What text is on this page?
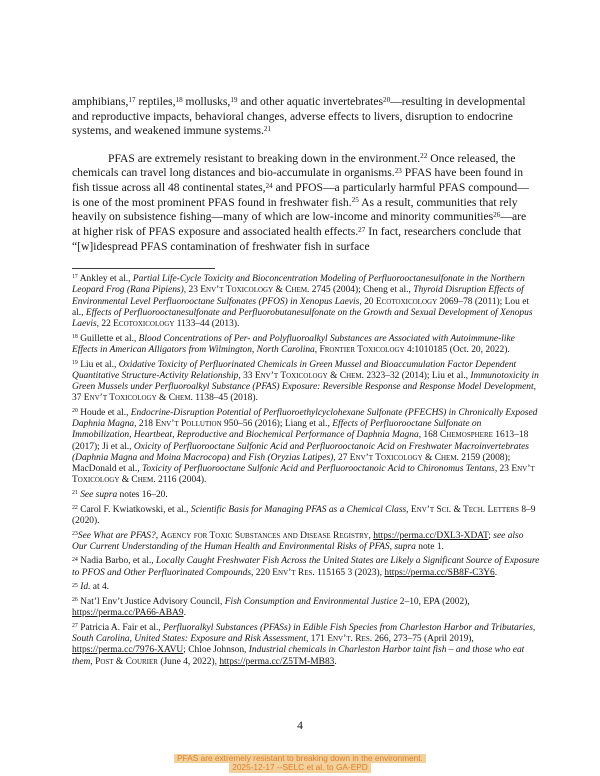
amphibians,$^{17}$ reptiles,$^{18}$ mollusks,$^{19}$ and other aquatic invertebrates$^{20}$—resulting in developmental and reproductive impacts, behavioral changes, adverse effects to livers, disruption to endocrine systems, and weakened immune systems.$^{21}$

PFAS are extremely resistant to breaking down in the environment.$^{22}$ Once released, the chemicals can travel long distances and bio-accumulate in organisms.$^{23}$ PFAS have been found in fish tissue across all 48 continental states,$^{24}$ and PFOS—a particularly harmful PFAS compound—is one of the most prominent PFAS found in freshwater fish.$^{25}$ As a result, communities that rely heavily on subsistence fishing—many of which are low-income and minority communities$^{26}$—are at higher risk of PFAS exposure and associated health effects.$^{27}$ In fact, researchers conclude that “[w]idespread PFAS contamination of freshwater fish in surface

$^{17}$ Ankley et al., Partial Life-Cycle Toxicity and Bioconcentration Modeling of Perfluorooctanesulfonate in the Northern Leopard Frog (Rana Pipiens), 23 Env’t Toxicology & Chem. 2745 (2004); Cheng et al., Thyroid Disruption Effects of Environmental Level Perfluorooctane Sulfonates (PFOS) in Xenopus Laevis, 20 Ecotoxicology 2069–78 (2011); Lou et al., Effects of Perfluorooctanesulfonate and Perfluorobutanesulfonate on the Growth and Sexual Development of Xenopus Laevis, 22 Ecotoxicology 1133–44 (2013).
$^{18}$ Guillette et al., Blood Concentrations of Per- and Polyfluoroalkyl Substances are Associated with Autoimmune-like Effects in American Alligators from Wilmington, North Carolina, Frontier Toxicology 4:1010185 (Oct. 20, 2022).
$^{19}$ Liu et al., Oxidative Toxicity of Perfluorinated Chemicals in Green Mussel and Bioaccumulation Factor Dependent Quantitative Structure-Activity Relationship, 33 Env’t Toxicology & Chem. 2323–32 (2014); Liu et al., Immunotoxicity in Green Mussels under Perfluoroalkyl Substance (PFAS) Exposure: Reversible Response and Response Model Development, 37 Env’t Toxicology & Chem. 1138–45 (2018).
$^{20}$ Houde et al., Endocrine-Disruption Potential of Perfluoroethylcyclohexane Sulfonate (PFECHS) in Chronically Exposed Daphnia Magna, 218 Env’t Pollution 950–56 (2016); Liang et al., Effects of Perfluorooctane Sulfonate on Immobilization, Heartbeat, Reproductive and Biochemical Performance of Daphnia Magna, 168 Chemosphere 1613–18 (2017); Ji et al., Oxicity of Perfluorooctane Sulfonic Acid and Perfluorooctanoic Acid on Freshwater Macroinvertebrates (Daphnia Magna and Moina Macrocopa) and Fish (Oryzias Latipes), 27 Env’t Toxicology & Chem. 2159 (2008); MacDonald et al., Toxicity of Perfluorooctane Sulfonic Acid and Perfluorooctanoic Acid to Chironomus Tentans, 23 Env’t Toxicology & Chem. 2116 (2004).
$^{21}$ See supra notes 16–20.
$^{22}$ Carol F. Kwiatkowski, et al., Scientific Basis for Managing PFAS as a Chemical Class, Env’t Sci. & Tech. Letters 8–9 (2020).
$^{23}$See What are PFAS?, Agency for Toxic Substances and Disease Registry, https://perma.cc/DXL3-XDAT; see also Our Current Understanding of the Human Health and Environmental Risks of PFAS, supra note 1.
$^{24}$ Nadia Barbo, et al., Locally Caught Freshwater Fish Across the United States are Likely a Significant Source of Exposure to PFOS and Other Perfluorinated Compounds, 220 Env’t Res. 115165 3 (2023), https://perma.cc/SB8F-C3Y6.
$^{25}$ Id. at 4.
$^{26}$ Nat’l Env’t Justice Advisory Council, Fish Consumption and Environmental Justice 2–10, EPA (2002), https://perma.cc/PA66-ABA9.
$^{27}$ Patricia A. Fair et al., Perfluoralkyl Substances (PFASs) in Edible Fish Species from Charleston Harbor and Tributaries, South Carolina, United States: Exposure and Risk Assessment, 171 Env’t. Res. 266, 273–75 (April 2019), https://perma.cc/7976-XAVU; Chloe Johnson, Industrial chemicals in Charleston Harbor taint fish – and those who eat them, Post & Courier (June 4, 2022), https://perma.cc/Z5TM-MB83.
4
PFAS are extremely resistant to breaking down in the environment.
2025-12-17 --SELC et al. to GA-EPD
